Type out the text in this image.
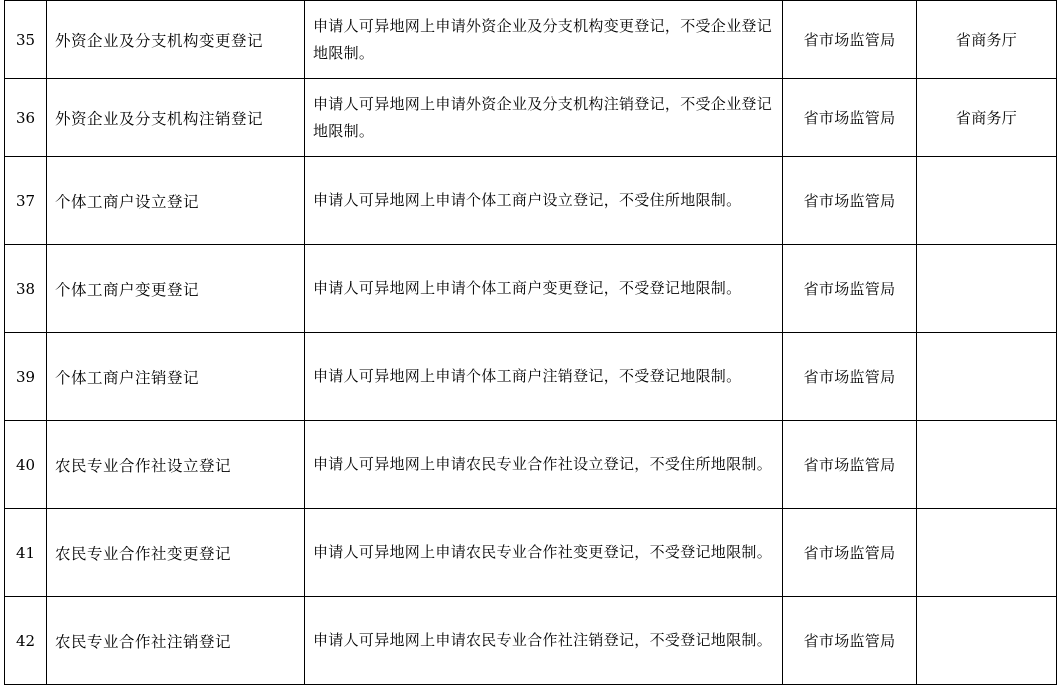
35	外资企业及分支机构变更登记	申请人可异地网上申请外资企业及分支机构变更登记，不受企业登记地限制。	省市场监管局	省商务厅
36	外资企业及分支机构注销登记	申请人可异地网上申请外资企业及分支机构注销登记，不受企业登记地限制。	省市场监管局	省商务厅
37	个体工商户设立登记	申请人可异地网上申请个体工商户设立登记，不受住所地限制。	省市场监管局	
38	个体工商户变更登记	申请人可异地网上申请个体工商户变更登记，不受登记地限制。	省市场监管局	
39	个体工商户注销登记	申请人可异地网上申请个体工商户注销登记，不受登记地限制。	省市场监管局	
40	农民专业合作社设立登记	申请人可异地网上申请农民专业合作社设立登记，不受住所地限制。	省市场监管局	
41	农民专业合作社变更登记	申请人可异地网上申请农民专业合作社变更登记，不受登记地限制。	省市场监管局	
42	农民专业合作社注销登记	申请人可异地网上申请农民专业合作社注销登记，不受登记地限制。	省市场监管局	
